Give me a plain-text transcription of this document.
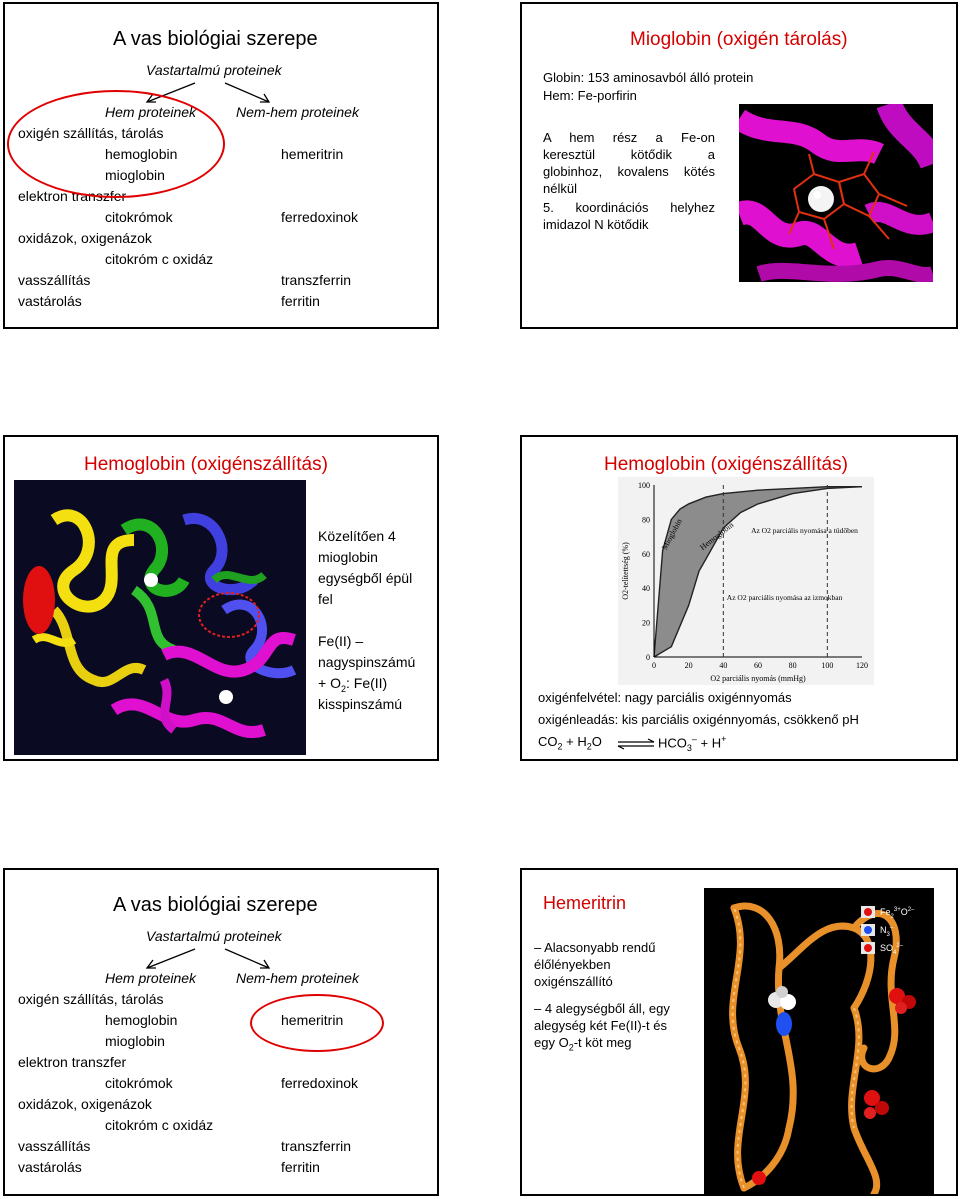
A vas biológiai szerepe
Vastartalmú proteinek
Hem proteinek	Nem-hem proteinek
oxigén szállítás, tárolás
hemoglobin	hemeritrin
mioglobin
elektron transzfer
citokrómok	ferredoxinok
oxidázok, oxigenázok
citokróm c oxidáz
vasszállítás	transzferrin
vastárolás	ferritin
Mioglobin (oxigén tárolás)
Globin: 153 aminosavból álló protein
Hem: Fe-porfirin
A hem rész a Fe-on
keresztül kötődik a
globinhoz, kovalens kötés
nélkül
5. koordinációs helyhez
imidazol N kötődik
Hemoglobin (oxigénszállítás)
Közelítően 4
mioglobin
egységből épül
fel
Fe(II) –
nagyspinszámú
+ $O_2$: Fe(II)
kisspinszámú
Hemoglobin (oxigénszállítás)
0	20	40	60	80	100	120
0
20
40
60
80
100
O2 parciális nyomás (mmHg)
O2-telítettség (%)
Mioglobin Hemoglobin Az O2 parciális nyomása a tüdőben
Az O2 parciális nyomása az izmokban
oxigénfelvétel: nagy parciális oxigénnyomás
oxigénleadás: kis parciális oxigénnyomás, csökkenő pH
$CO_2 + H_2O$ ⇌ $HCO_3^- + H^+$
A vas biológiai szerepe
Vastartalmú proteinek
Hem proteinek	Nem-hem proteinek
oxigén szállítás, tárolás
hemoglobin	hemeritrin
mioglobin
elektron transzfer
citokrómok	ferredoxinok
oxidázok, oxigenázok
citokróm c oxidáz
vasszállítás	transzferrin
vastárolás	ferritin
Hemeritrin
– Alacsonyabb rendű
élőlényekben
oxigénszállító
– 4 alegységből áll, egy
alegység két Fe(II)-t és
egy $O_2-t$ köt meg
$Fe_2^{3+}O^{2-}$
$N_3^-$
$SO_4^{2-}$
